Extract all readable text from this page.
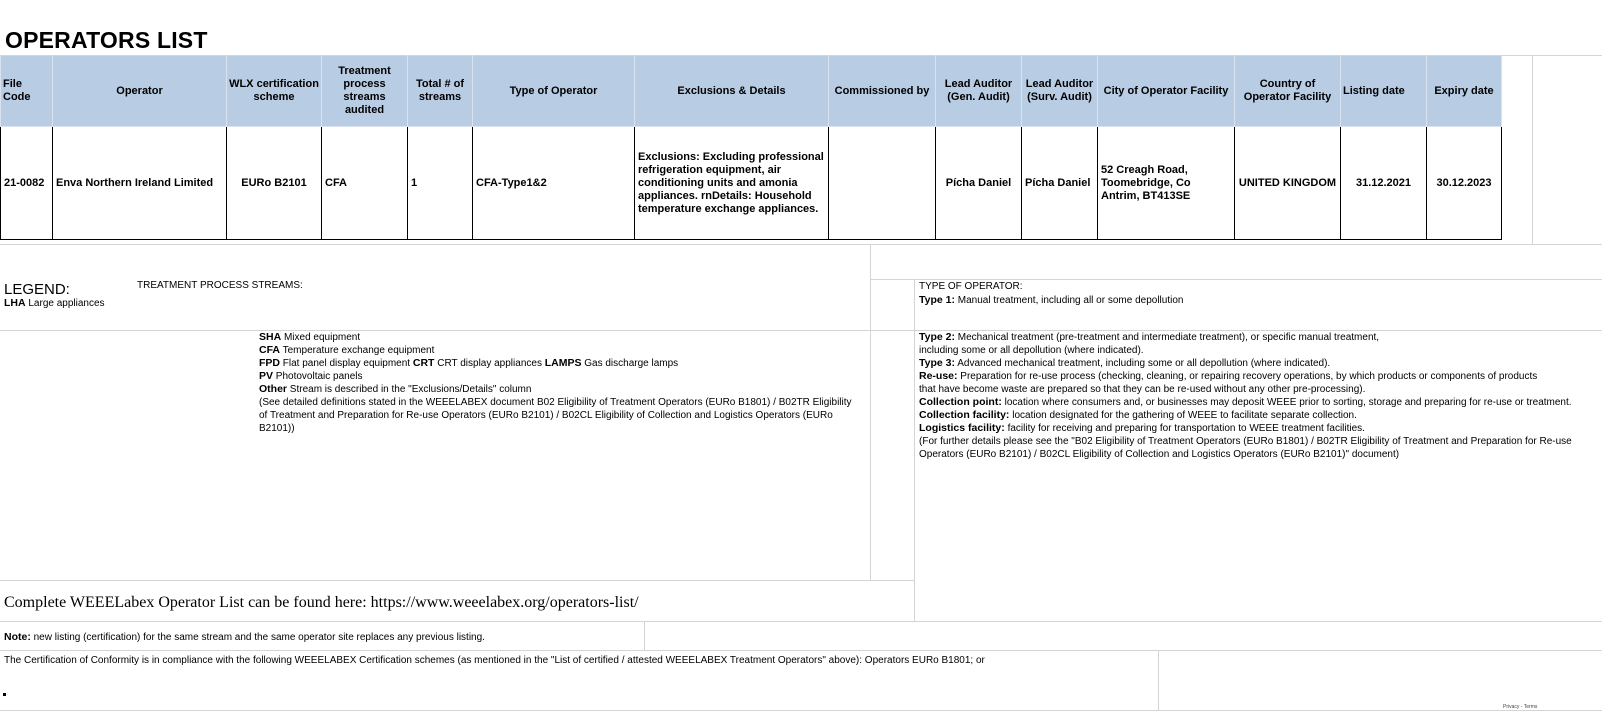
OPERATORS LIST
File Code	Operator	WLX certification scheme	Treatment process streams audited	Total # of streams	Type of Operator	Exclusions & Details	Commissioned by	Lead Auditor (Gen. Audit)	Lead Auditor (Surv. Audit)	City of Operator Facility	Country of Operator Facility	Listing date	Expiry date
21-0082	Enva Northern Ireland Limited	EURo B2101	CFA	1	CFA-Type1&2	Exclusions: Excluding professional refrigeration equipment, air conditioning units and amonia appliances. rnDetails: Household temperature exchange appliances.		Pícha Daniel	Pícha Daniel	52 Creagh Road, Toomebridge, Co Antrim, BT413SE	UNITED KINGDOM	31.12.2021	30.12.2023
LEGEND:	TREATMENT PROCESS STREAMS:
LHA Large appliances
SHA Mixed equipment
CFA Temperature exchange equipment
FPD Flat panel display equipment CRT CRT display appliances LAMPS Gas discharge lamps
PV Photovoltaic panels
Other Stream is described in the "Exclusions/Details" column
(See detailed definitions stated in the WEEELABEX document B02 Eligibility of Treatment Operators (EURo B1801) / B02TR Eligibility of Treatment and Preparation for Re-use Operators (EURo B2101) / B02CL Eligibility of Collection and Logistics Operators (EURo B2101))
TYPE OF OPERATOR:
Type 1: Manual treatment, including all or some depollution
Type 2: Mechanical treatment (pre-treatment and intermediate treatment), or specific manual treatment, including some or all depollution (where indicated).
Type 3: Advanced mechanical treatment, including some or all depollution (where indicated).
Re-use: Preparation for re-use process (checking, cleaning, or repairing recovery operations, by which products or components of products that have become waste are prepared so that they can be re-used without any other pre-processing).
Collection point: location where consumers and, or businesses may deposit WEEE prior to sorting, storage and preparing for re-use or treatment.
Collection facility: location designated for the gathering of WEEE to facilitate separate collection.
Logistics facility: facility for receiving and preparing for transportation to WEEE treatment facilities.
(For further details please see the "B02 Eligibility of Treatment Operators (EURo B1801) / B02TR Eligibility of Treatment and Preparation for Re-use Operators (EURo B2101) / B02CL Eligibility of Collection and Logistics Operators (EURo B2101)" document)
Complete WEEELabex Operator List can be found here: https://www.weeelabex.org/operators-list/
Note: new listing (certification) for the same stream and the same operator site replaces any previous listing.
The Certification of Conformity is in compliance with the following WEEELABEX Certification schemes (as mentioned in the "List of certified / attested WEEELABEX Treatment Operators" above): Operators EURo B1801; or
Privacy - Terms
